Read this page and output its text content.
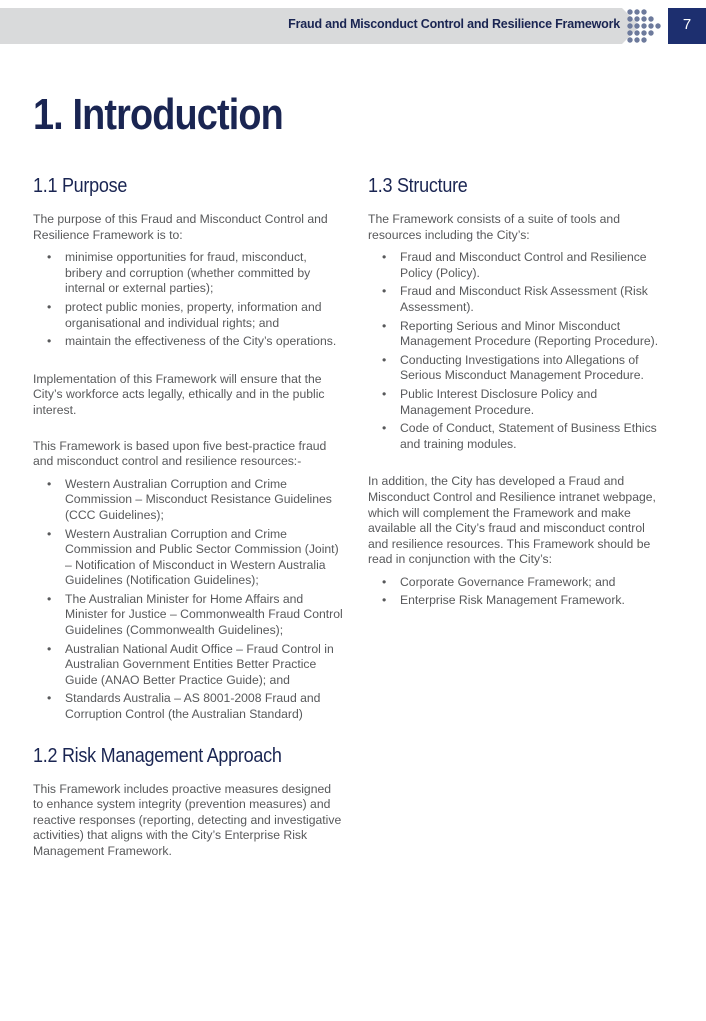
Fraud and Misconduct Control and Resilience Framework	7
1. Introduction
1.1 Purpose

The purpose of this Fraud and Misconduct Control and Resilience Framework is to:

• minimise opportunities for fraud, misconduct, bribery and corruption (whether committed by internal or external parties);
• protect public monies, property, information and organisational and individual rights; and
• maintain the effectiveness of the City’s operations.

Implementation of this Framework will ensure that the City’s workforce acts legally, ethically and in the public interest.

This Framework is based upon five best-practice fraud and misconduct control and resilience resources:-

• Western Australian Corruption and Crime Commission – Misconduct Resistance Guidelines (CCC Guidelines);
• Western Australian Corruption and Crime Commission and Public Sector Commission (Joint) – Notification of Misconduct in Western Australia Guidelines (Notification Guidelines);
• The Australian Minister for Home Affairs and Minister for Justice – Commonwealth Fraud Control Guidelines (Commonwealth Guidelines);
• Australian National Audit Office – Fraud Control in Australian Government Entities Better Practice Guide (ANAO Better Practice Guide); and
• Standards Australia – AS 8001-2008 Fraud and Corruption Control (the Australian Standard)
1.2 Risk Management Approach

This Framework includes proactive measures designed to enhance system integrity (prevention measures) and reactive responses (reporting, detecting and investigative activities) that aligns with the City’s Enterprise Risk Management Framework.

1.3 Structure

The Framework consists of a suite of tools and resources including the City’s:

• Fraud and Misconduct Control and Resilience Policy (Policy).
• Fraud and Misconduct Risk Assessment (Risk Assessment).
• Reporting Serious and Minor Misconduct Management Procedure (Reporting Procedure).
• Conducting Investigations into Allegations of Serious Misconduct Management Procedure.
• Public Interest Disclosure Policy and Management Procedure.
• Code of Conduct, Statement of Business Ethics and training modules.

In addition, the City has developed a Fraud and Misconduct Control and Resilience intranet webpage, which will complement the Framework and make available all the City’s fraud and misconduct control and resilience resources. This Framework should be read in conjunction with the City’s:

• Corporate Governance Framework; and
• Enterprise Risk Management Framework.
